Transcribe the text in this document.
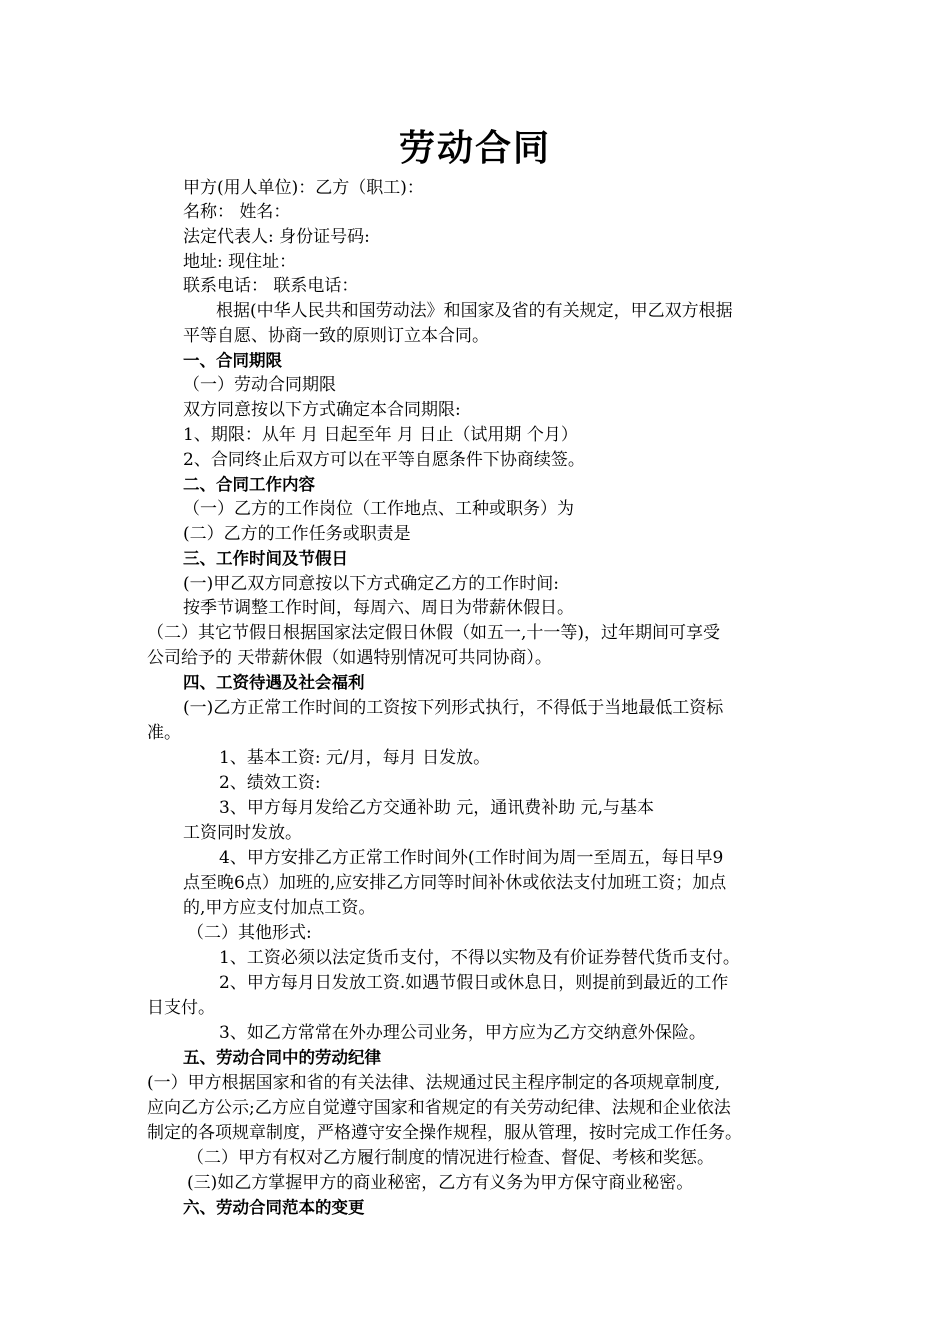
劳动合同
甲方(用人单位)：乙方（职工)：
名称： 姓名：
法定代表人: 身份证号码:
地址: 现住址：
联系电话： 联系电话：
根据(中华人民共和国劳动法》和国家及省的有关规定，甲乙双方根据
平等自愿、协商一致的原则订立本合同。
一、合同期限
（一）劳动合同期限
双方同意按以下方式确定本合同期限:
1、期限：从年 月 日起至年 月 日止（试用期 个月）
2、合同终止后双方可以在平等自愿条件下协商续签。
二、合同工作内容
（一）乙方的工作岗位（工作地点、工种或职务）为
(二）乙方的工作任务或职责是
三、工作时间及节假日
(一)甲乙双方同意按以下方式确定乙方的工作时间:
按季节调整工作时间，每周六、周日为带薪休假日。
（二）其它节假日根据国家法定假日休假（如五一,十一等)，过年期间可享受
公司给予的 天带薪休假（如遇特别情况可共同协商）。
四、工资待遇及社会福利
(一)乙方正常工作时间的工资按下列形式执行，不得低于当地最低工资标
准。
1、基本工资: 元/月，每月 日发放。
2、绩效工资:
3、甲方每月发给乙方交通补助 元，通讯费补助 元,与基本
工资同时发放。
4、甲方安排乙方正常工作时间外(工作时间为周一至周五，每日早9
点至晚6点）加班的,应安排乙方同等时间补休或依法支付加班工资；加点
的,甲方应支付加点工资。
（二）其他形式:
1、工资必须以法定货币支付，不得以实物及有价证券替代货币支付。
2、甲方每月日发放工资.如遇节假日或休息日，则提前到最近的工作
日支付。
3、如乙方常常在外办理公司业务，甲方应为乙方交纳意外保险。
五、劳动合同中的劳动纪律
(一）甲方根据国家和省的有关法律、法规通过民主程序制定的各项规章制度,
应向乙方公示;乙方应自觉遵守国家和省规定的有关劳动纪律、法规和企业依法
制定的各项规章制度，严格遵守安全操作规程，服从管理，按时完成工作任务。
（二）甲方有权对乙方履行制度的情况进行检查、督促、考核和奖惩。
(三)如乙方掌握甲方的商业秘密，乙方有义务为甲方保守商业秘密。
六、劳动合同范本的变更
